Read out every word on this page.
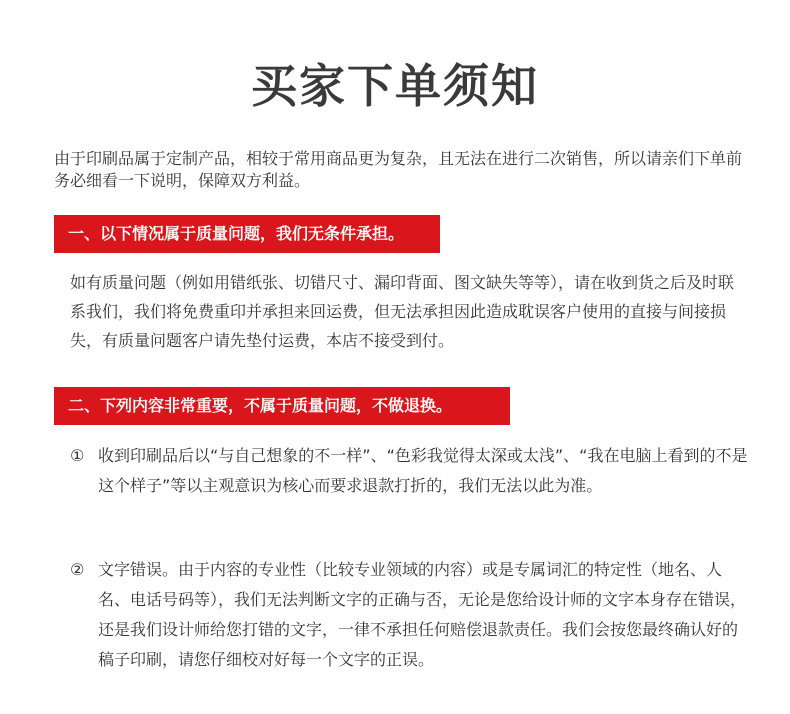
买家下单须知
由于印刷品属于定制产品，相较于常用商品更为复杂，且无法在进行二次销售，所以请亲们下单前务必细看一下说明，保障双方利益。
一、以下情况属于质量问题，我们无条件承担。
如有质量问题（例如用错纸张、切错尺寸、漏印背面、图文缺失等等），请在收到货之后及时联系我们，我们将免费重印并承担来回运费，但无法承担因此造成耽误客户使用的直接与间接损失，有质量问题客户请先垫付运费，本店不接受到付。
二、下列内容非常重要，不属于质量问题，不做退换。
① 收到印刷品后以“与自己想象的不一样”、“色彩我觉得太深或太浅”、“我在电脑上看到的不是这个样子”等以主观意识为核心而要求退款打折的，我们无法以此为准。
② 文字错误。由于内容的专业性（比较专业领域的内容）或是专属词汇的特定性（地名、人名、电话号码等），我们无法判断文字的正确与否，无论是您给设计师的文字本身存在错误，还是我们设计师给您打错的文字，一律不承担任何赔偿退款责任。我们会按您最终确认好的稿子印刷，请您仔细校对好每一个文字的正误。
